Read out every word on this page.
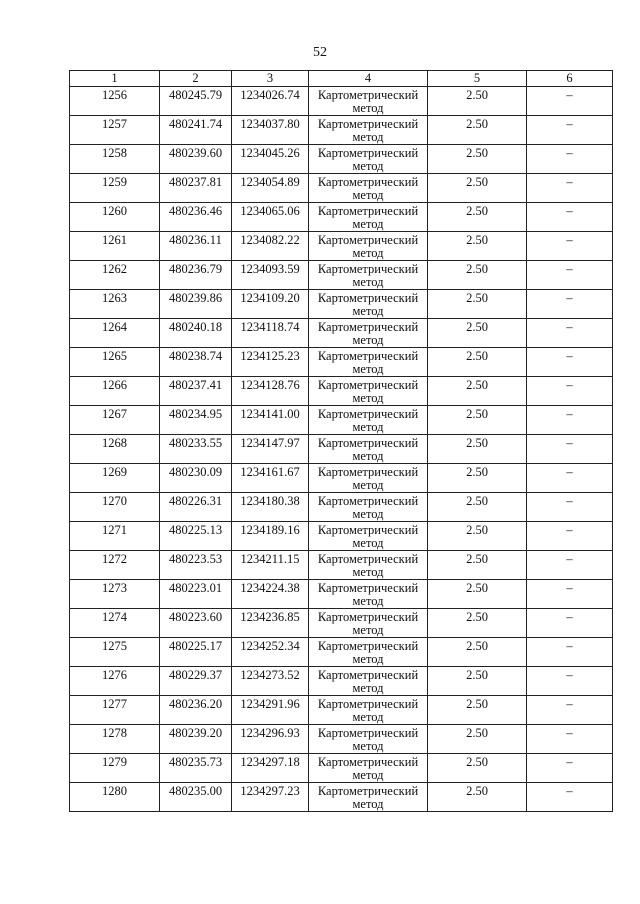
52
1	2	3	4	5	6
1256	480245.79	1234026.74	Картометрический метод	2.50	–
1257	480241.74	1234037.80	Картометрический метод	2.50	–
1258	480239.60	1234045.26	Картометрический метод	2.50	–
1259	480237.81	1234054.89	Картометрический метод	2.50	–
1260	480236.46	1234065.06	Картометрический метод	2.50	–
1261	480236.11	1234082.22	Картометрический метод	2.50	–
1262	480236.79	1234093.59	Картометрический метод	2.50	–
1263	480239.86	1234109.20	Картометрический метод	2.50	–
1264	480240.18	1234118.74	Картометрический метод	2.50	–
1265	480238.74	1234125.23	Картометрический метод	2.50	–
1266	480237.41	1234128.76	Картометрический метод	2.50	–
1267	480234.95	1234141.00	Картометрический метод	2.50	–
1268	480233.55	1234147.97	Картометрический метод	2.50	–
1269	480230.09	1234161.67	Картометрический метод	2.50	–
1270	480226.31	1234180.38	Картометрический метод	2.50	–
1271	480225.13	1234189.16	Картометрический метод	2.50	–
1272	480223.53	1234211.15	Картометрический метод	2.50	–
1273	480223.01	1234224.38	Картометрический метод	2.50	–
1274	480223.60	1234236.85	Картометрический метод	2.50	–
1275	480225.17	1234252.34	Картометрический метод	2.50	–
1276	480229.37	1234273.52	Картометрический метод	2.50	–
1277	480236.20	1234291.96	Картометрический метод	2.50	–
1278	480239.20	1234296.93	Картометрический метод	2.50	–
1279	480235.73	1234297.18	Картометрический метод	2.50	–
1280	480235.00	1234297.23	Картометрический метод	2.50	–
